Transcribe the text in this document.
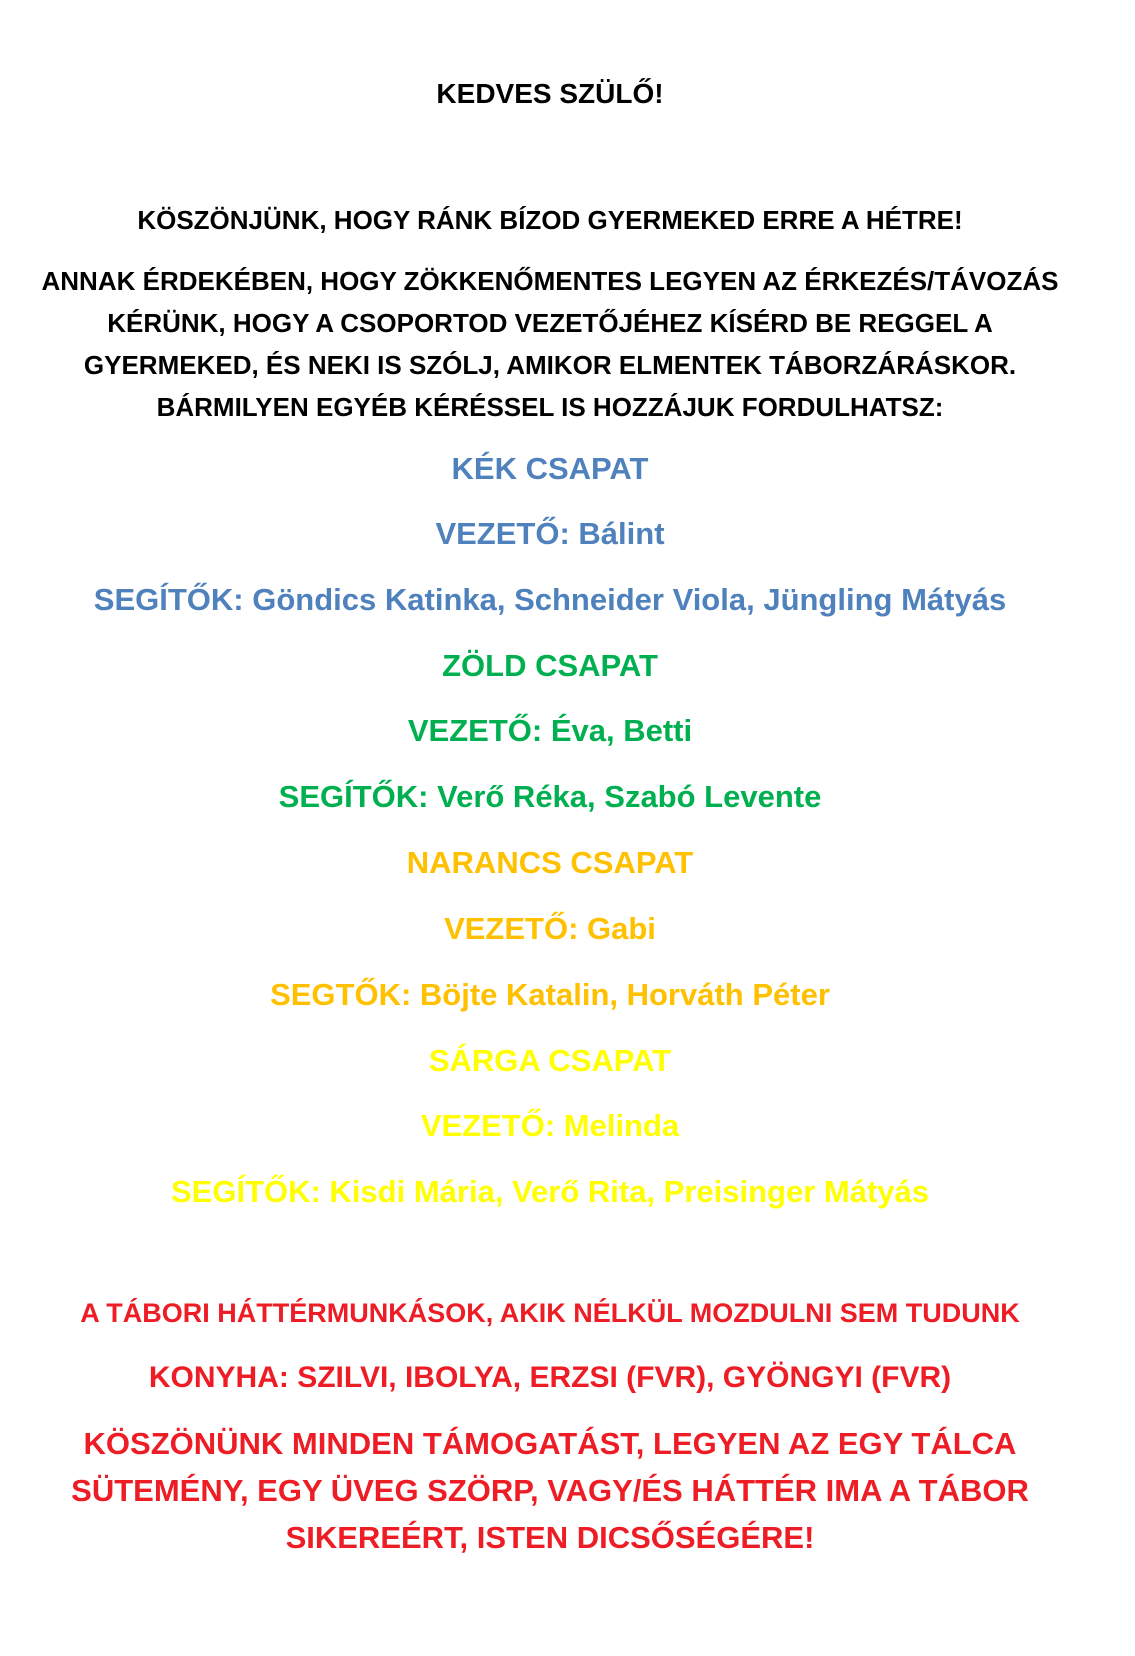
KEDVES SZÜLŐ!
KÖSZÖNJÜNK, HOGY RÁNK BÍZOD GYERMEKED ERRE A HÉTRE!
ANNAK ÉRDEKÉBEN, HOGY ZÖKKENŐMENTES LEGYEN AZ ÉRKEZÉS/TÁVOZÁS
KÉRÜNK, HOGY A CSOPORTOD VEZETŐJÉHEZ KÍSÉRD BE REGGEL A
GYERMEKED, ÉS NEKI IS SZÓLJ, AMIKOR ELMENTEK TÁBORZÁRÁSKOR.
BÁRMILYEN EGYÉB KÉRÉSSEL IS HOZZÁJUK FORDULHATSZ:
KÉK CSAPAT
VEZETŐ: Bálint
SEGÍTŐK: Göndics Katinka, Schneider Viola, Jüngling Mátyás
ZÖLD CSAPAT
VEZETŐ: Éva, Betti
SEGÍTŐK: Verő Réka, Szabó Levente
NARANCS CSAPAT
VEZETŐ: Gabi
SEGTŐK: Böjte Katalin, Horváth Péter
SÁRGA CSAPAT
VEZETŐ: Melinda
SEGÍTŐK: Kisdi Mária, Verő Rita, Preisinger Mátyás
A TÁBORI HÁTTÉRMUNKÁSOK, AKIK NÉLKÜL MOZDULNI SEM TUDUNK
KONYHA: SZILVI, IBOLYA, ERZSI (FVR), GYÖNGYI (FVR)
KÖSZÖNÜNK MINDEN TÁMOGATÁST, LEGYEN AZ EGY TÁLCA
SÜTEMÉNY, EGY ÜVEG SZÖRP, VAGY/ÉS HÁTTÉR IMA A TÁBOR
SIKEREÉRT, ISTEN DICSŐSÉGÉRE!
